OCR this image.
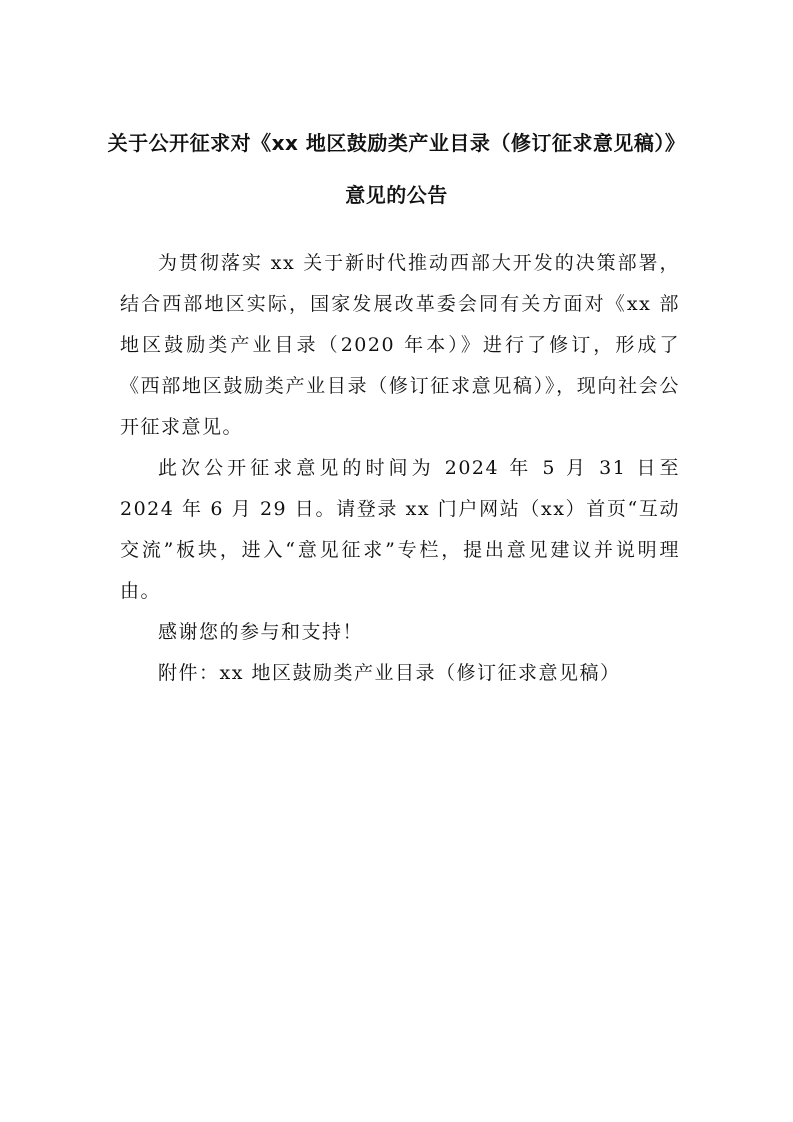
关于公开征求对《xx 地区鼓励类产业目录（修订征求意见稿）》
意见的公告

为贯彻落实 xx 关于新时代推动西部大开发的决策部署，结合西部地区实际，国家发展改革委会同有关方面对《xx 部地区鼓励类产业目录（2020 年本）》进行了修订，形成了《西部地区鼓励类产业目录（修订征求意见稿）》，现向社会公开征求意见。

此次公开征求意见的时间为 2024 年 5 月 31 日至 2024 年 6 月 29 日。请登录 xx 门户网站（xx）首页“互动交流”板块，进入“意见征求”专栏，提出意见建议并说明理由。

感谢您的参与和支持！

附件：xx 地区鼓励类产业目录（修订征求意见稿）
